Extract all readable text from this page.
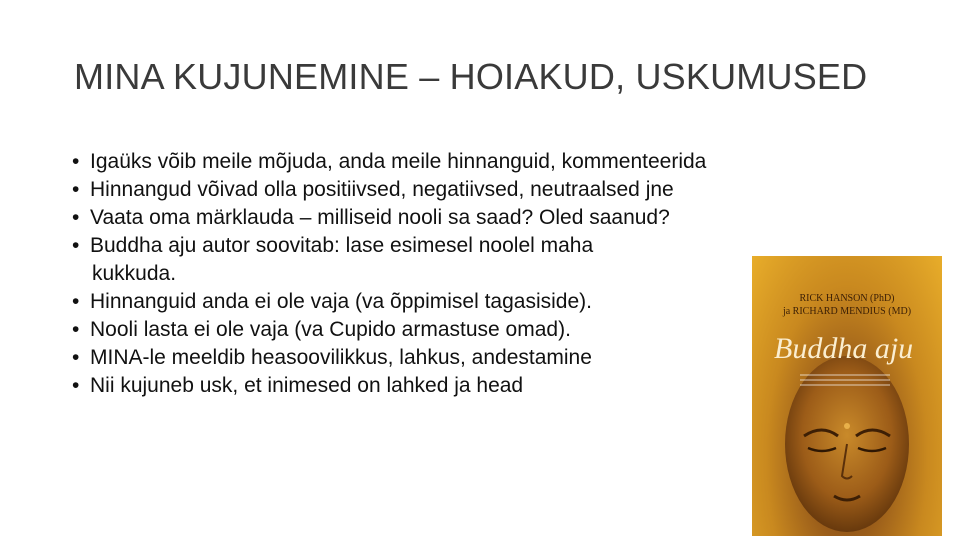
MINA KUJUNEMINE – HOIAKUD, USKUMUSED
• Igaüks võib meile mõjuda, anda meile hinnanguid, kommenteerida
• Hinnangud võivad olla positiivsed, negatiivsed, neutraalsed jne
• Vaata oma märklauda – milliseid nooli sa saad? Oled saanud?
• Buddha aju autor soovitab: lase esimesel noolel maha
kukkuda.
• Hinnanguid anda ei ole vaja (va õppimisel tagasiside).
• Nooli lasta ei ole vaja (va Cupido armastuse omad).
• MINA-le meeldib heasoovilikkus, lahkus, andestamine
• Nii kujuneb usk, et inimesed on lahked ja head
RICK HANSON (PhD)
ja RICHARD MENDIUS (MD)
Buddha aju
